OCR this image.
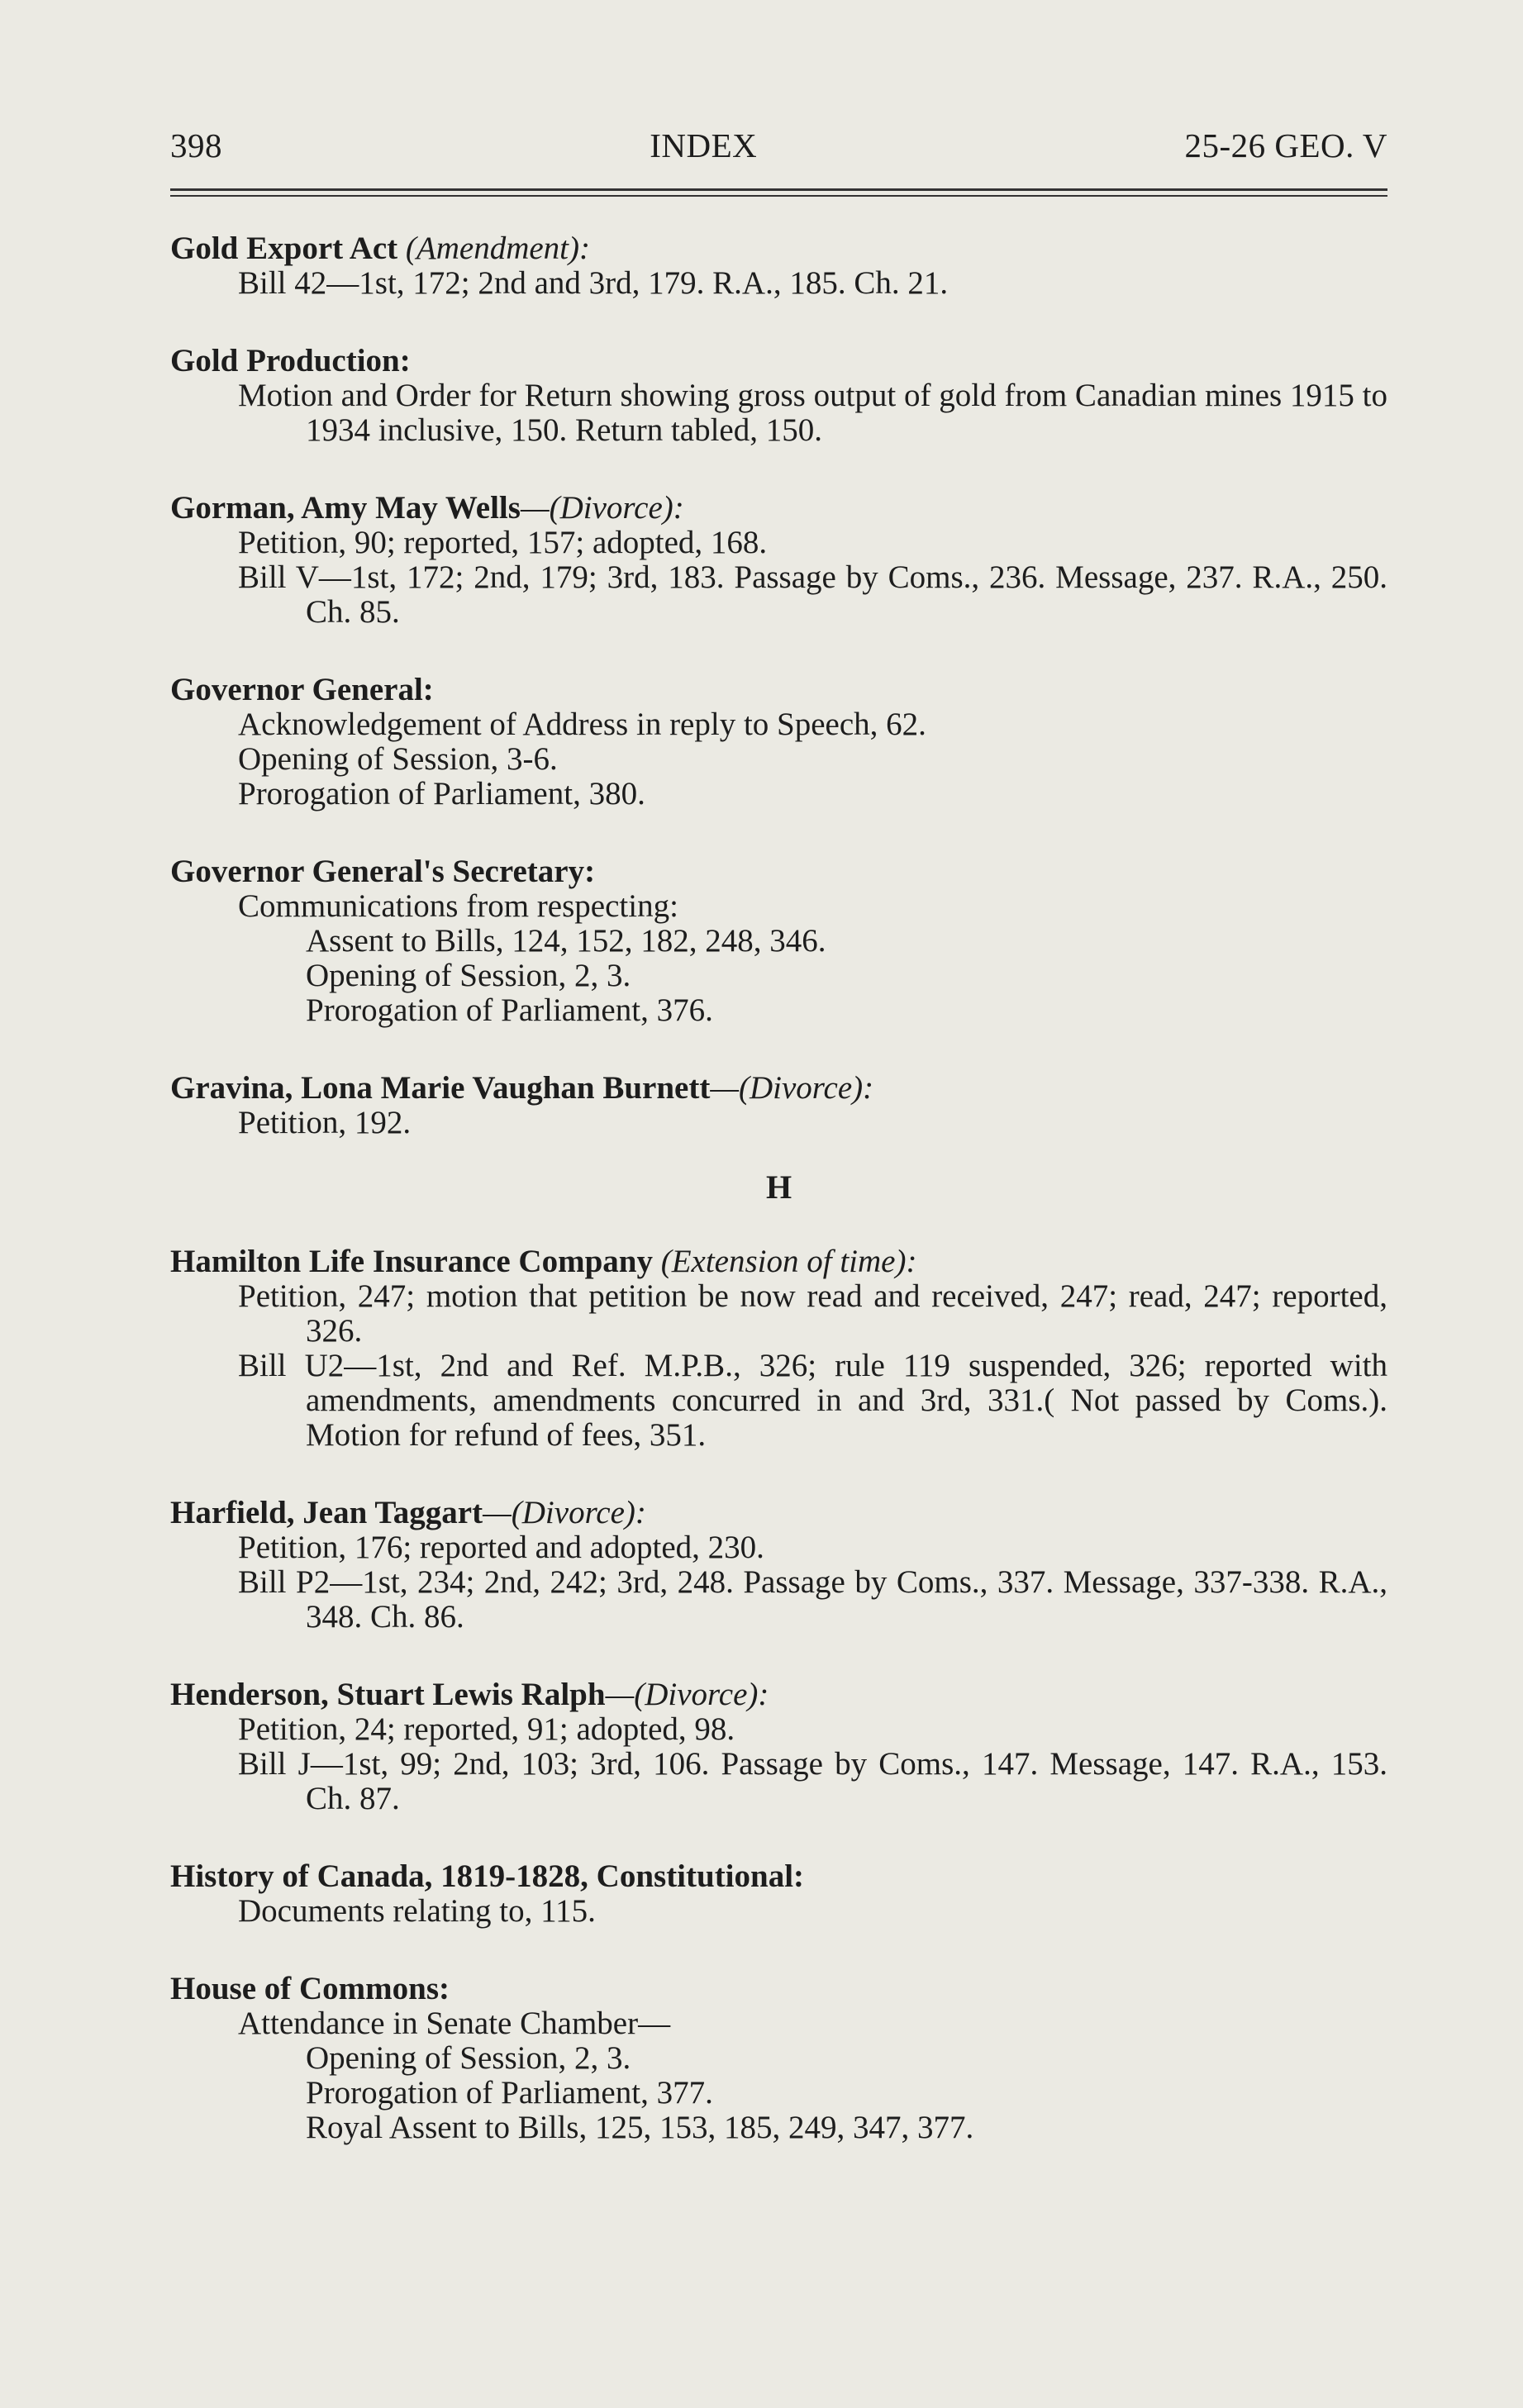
398	INDEX	25-26 GEO. V

Gold Export Act (Amendment):

Bill 42—1st, 172; 2nd and 3rd, 179. R.A., 185. Ch. 21.

Gold Production:

Motion and Order for Return showing gross output of gold from Canadian mines 1915 to 1934 inclusive, 150. Return tabled, 150.

Gorman, Amy May Wells—(Divorce):

Petition, 90; reported, 157; adopted, 168.
Bill V—1st, 172; 2nd, 179; 3rd, 183. Passage by Coms., 236. Message, 237. R.A., 250. Ch. 85.

Governor General:

Acknowledgement of Address in reply to Speech, 62.
Opening of Session, 3-6.
Prorogation of Parliament, 380.

Governor General's Secretary:

Communications from respecting:
Assent to Bills, 124, 152, 182, 248, 346.
Opening of Session, 2, 3.
Prorogation of Parliament, 376.

Gravina, Lona Marie Vaughan Burnett—(Divorce):

Petition, 192.
H

Hamilton Life Insurance Company (Extension of time):

Petition, 247; motion that petition be now read and received, 247; read, 247; reported, 326.
Bill U2—1st, 2nd and Ref. M.P.B., 326; rule 119 suspended, 326; reported with amendments, amendments concurred in and 3rd, 331.( Not passed by Coms.). Motion for refund of fees, 351.

Harfield, Jean Taggart—(Divorce):

Petition, 176; reported and adopted, 230.
Bill P2—1st, 234; 2nd, 242; 3rd, 248. Passage by Coms., 337. Message, 337-338. R.A., 348. Ch. 86.

Henderson, Stuart Lewis Ralph—(Divorce):

Petition, 24; reported, 91; adopted, 98.
Bill J—1st, 99; 2nd, 103; 3rd, 106. Passage by Coms., 147. Message, 147. R.A., 153. Ch. 87.

History of Canada, 1819-1828, Constitutional:

Documents relating to, 115.

House of Commons:

Attendance in Senate Chamber—
Opening of Session, 2, 3.
Prorogation of Parliament, 377.
Royal Assent to Bills, 125, 153, 185, 249, 347, 377.
